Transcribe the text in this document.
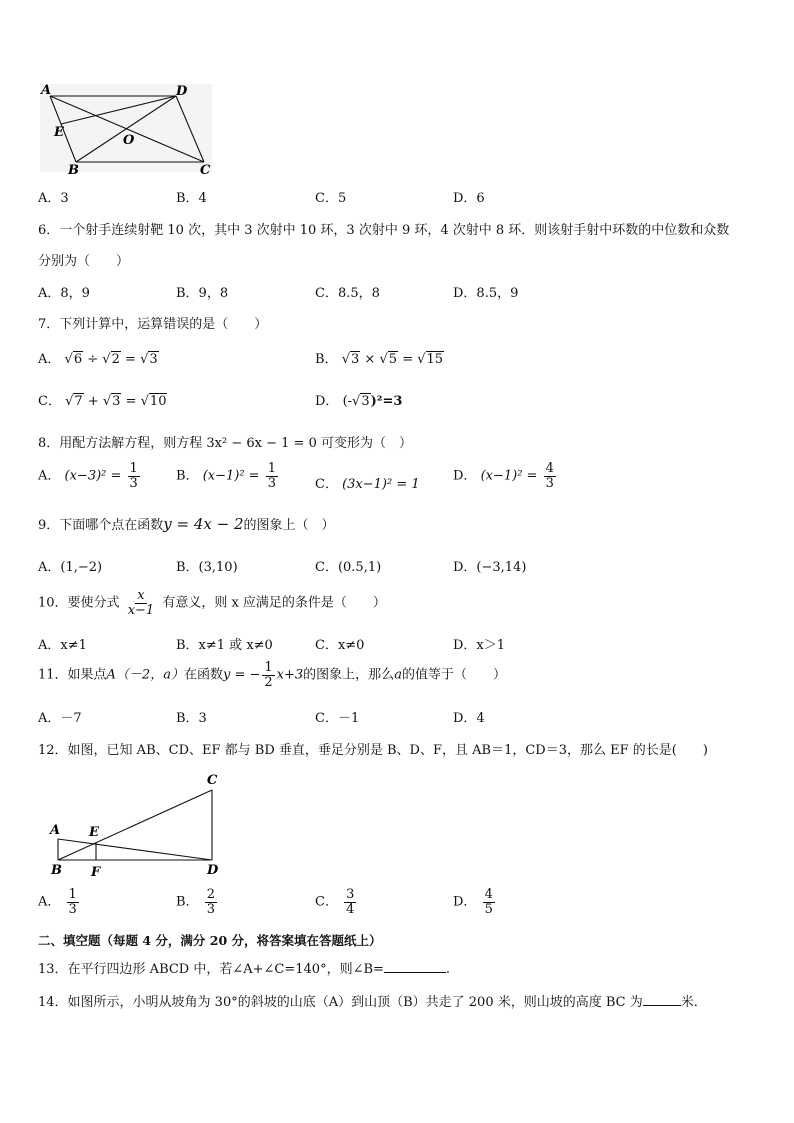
A	D
E
O
B	C
A．3	B．4	C．5	D．6
6．一个射手连续射靶 10 次，其中 3 次射中 10 环，3 次射中 9 环，4 次射中 8 环．则该射手射中环数的中位数和众数
分别为（　　）
A．8，9	B．9，8	C．8.5，8	D．8.5，9
7．下列计算中，运算错误的是（　　）
A． √6 ÷ √2 = √3	B． √3 × √5 = √15
C． √7 + √3 = √10	D． (-√3)²=3
8．用配方法解方程，则方程 3x² − 6x − 1 = 0 可变形为（　）
A． $(x-3)^2 = \frac{1}{3}$	B． $(x-1)^2 = \frac{1}{3}$	C． (3x−1)² = 1
D． $(x-1)^2 = \frac{4}{3}$
9．下面哪个点在函数y = 4x − 2的图象上（　）
A．(1,−2)	B．(3,10)	C．(0.5,1)	D．(−3,14)
10．要使分式 $\frac{x}{x-1}$ 有意义，则 x 应满足的条件是（　　）
A．x≠1	B．x≠1 或 x≠0	C．x≠0	D．x＞1
11．如果点A（－2，a）在函数y = − $\frac{1}{2} x+3$的图象上，那么a的值等于（　　）
A．－7	B．3	C．－1	D．4
12．如图，已知 AB、CD、EF 都与 BD 垂直，垂足分别是 B、D、F，且 AB＝1，CD＝3，那么 EF 的长是(　　)
C
A E
B F	D
A． $\frac{1}{3}$	B． $\frac{2}{3}$	C． $\frac{3}{4}$	D． $\frac{4}{5}$
二、填空题（每题 4 分，满分 20 分，将答案填在答题纸上）
13．在平行四边形 ABCD 中，若∠A+∠C=140°，则∠B=	.
14．如图所示，小明从坡角为 30°的斜坡的山底（A）到山顶（B）共走了 200 米，则山坡的高度 BC 为	米．
